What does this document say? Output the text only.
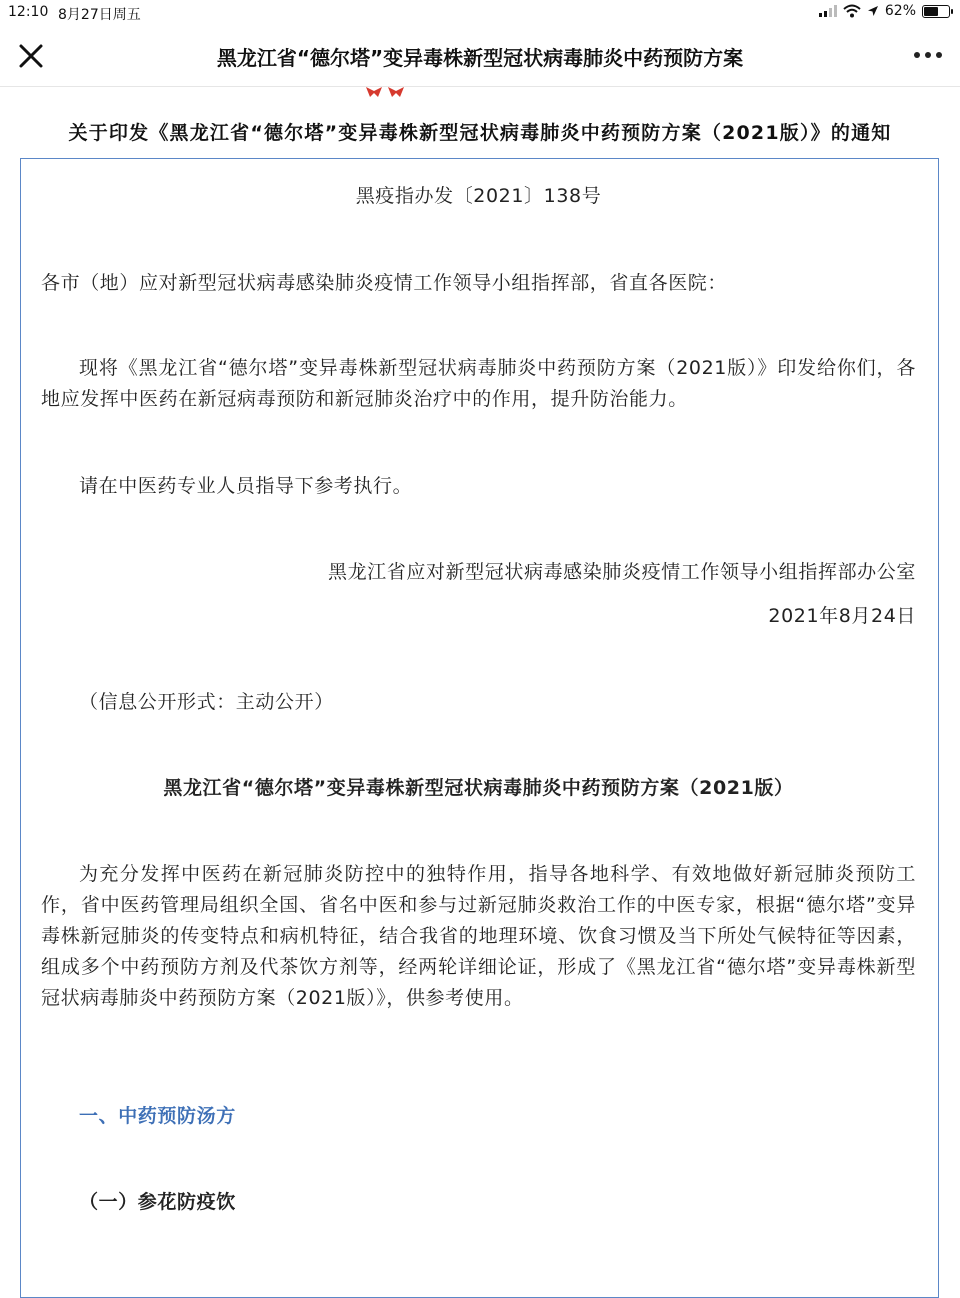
12:10 8月27日周五	62%
黑龙江省“德尔塔”变异毒株新型冠状病毒肺炎中药预防方案
关于印发《黑龙江省“德尔塔”变异毒株新型冠状病毒肺炎中药预防方案（2021版）》的通知
黑疫指办发〔2021〕138号
各市（地）应对新型冠状病毒感染肺炎疫情工作领导小组指挥部，省直各医院：
现将《黑龙江省“德尔塔”变异毒株新型冠状病毒肺炎中药预防方案（2021版）》印发给你们，各地应发挥中医药在新冠病毒预防和新冠肺炎治疗中的作用，提升防治能力。
请在中医药专业人员指导下参考执行。
黑龙江省应对新型冠状病毒感染肺炎疫情工作领导小组指挥部办公室
2021年8月24日
（信息公开形式：主动公开）
黑龙江省“德尔塔”变异毒株新型冠状病毒肺炎中药预防方案（2021版）
为充分发挥中医药在新冠肺炎防控中的独特作用，指导各地科学、有效地做好新冠肺炎预防工作，省中医药管理局组织全国、省名中医和参与过新冠肺炎救治工作的中医专家，根据“德尔塔”变异毒株新冠肺炎的传变特点和病机特征，结合我省的地理环境、饮食习惯及当下所处气候特征等因素，组成多个中药预防方剂及代茶饮方剂等，经两轮详细论证，形成了《黑龙江省“德尔塔”变异毒株新型冠状病毒肺炎中药预防方案（2021版）》，供参考使用。
一、中药预防汤方
（一）参花防疫饮
